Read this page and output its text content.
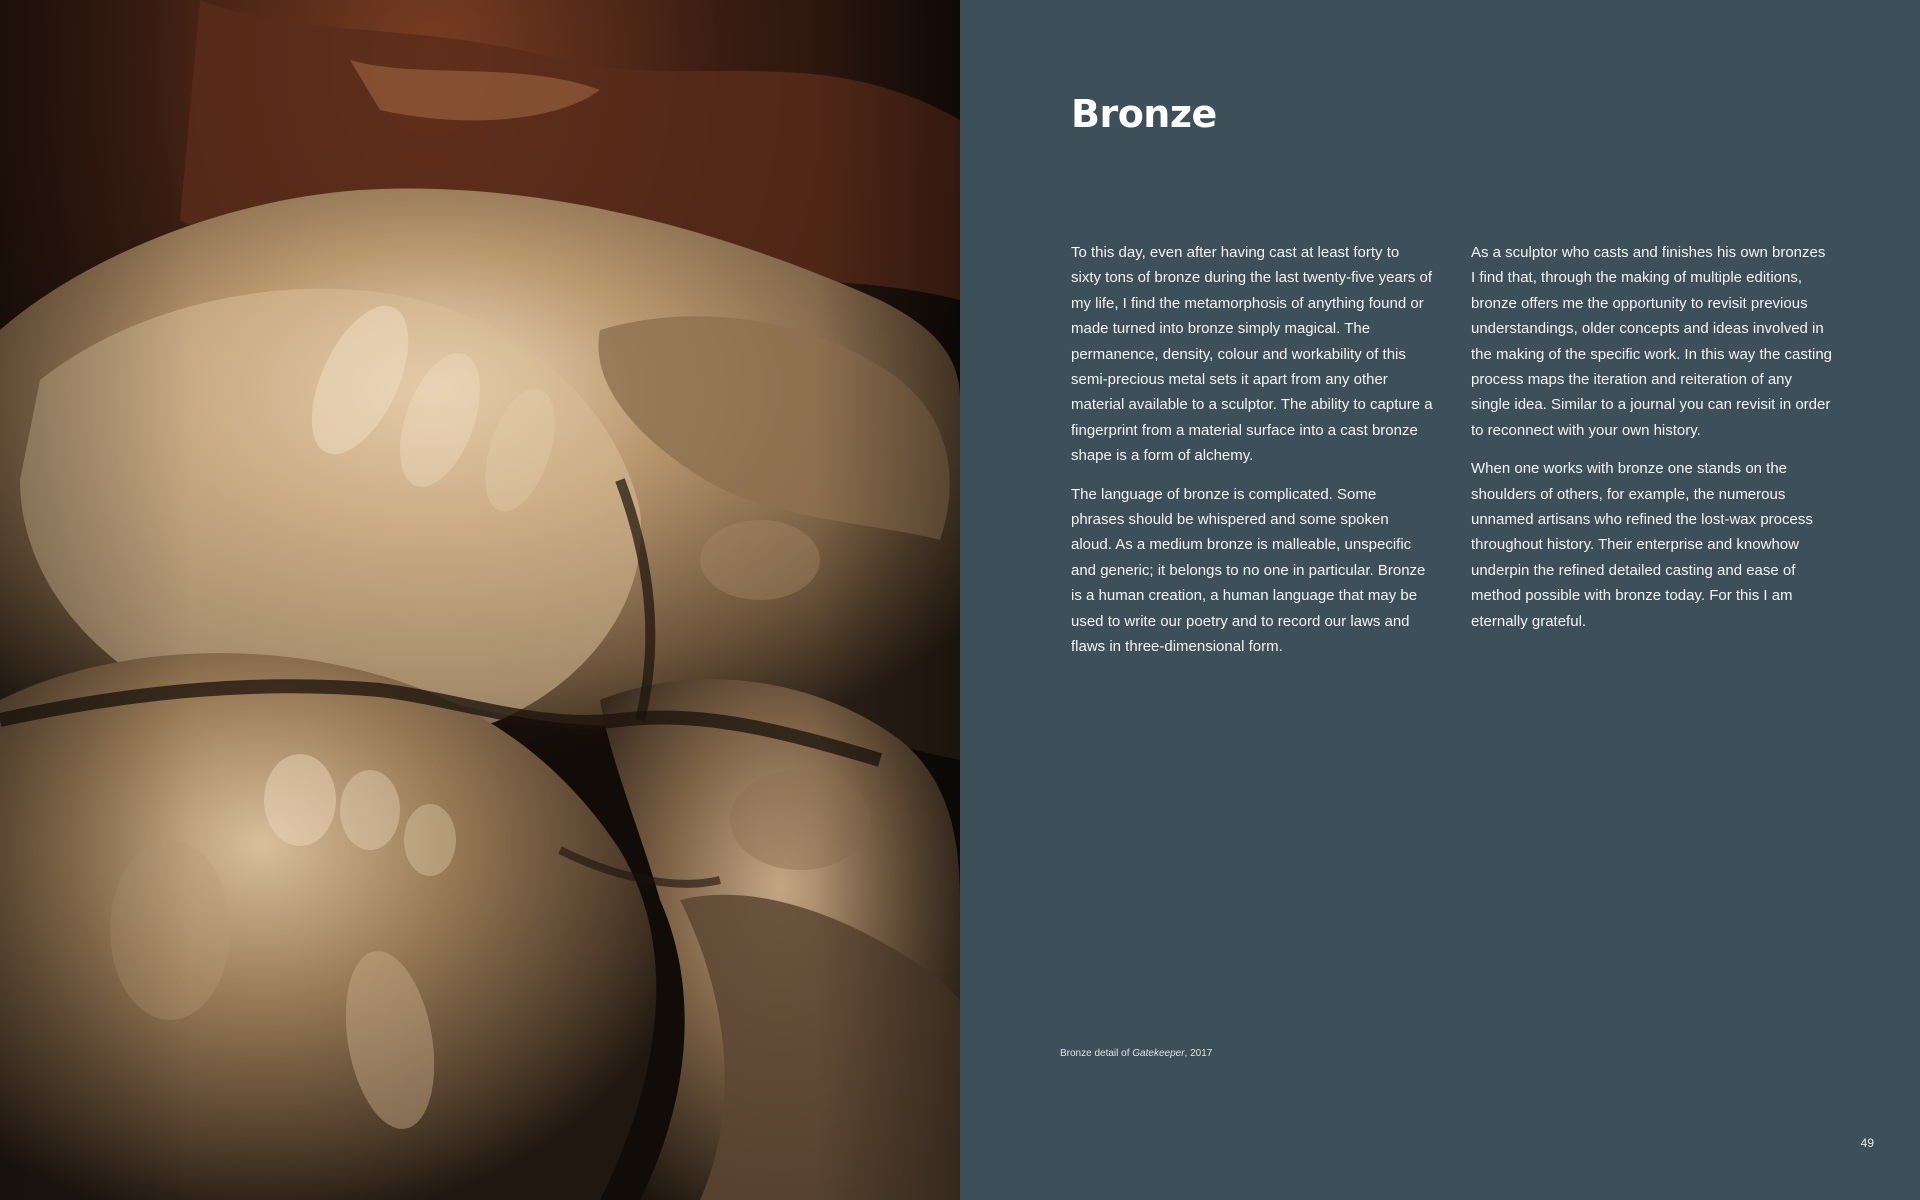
Bronze

To this day, even after having cast at least forty to sixty tons of bronze during the last twenty-five years of my life, I find the metamorphosis of anything found or made turned into bronze simply magical. The permanence, density, colour and workability of this semi-precious metal sets it apart from any other material available to a sculptor. The ability to capture a fingerprint from a material surface into a cast bronze shape is a form of alchemy.

The language of bronze is complicated. Some phrases should be whispered and some spoken aloud. As a medium bronze is malleable, unspecific and generic; it belongs to no one in particular. Bronze is a human creation, a human language that may be used to write our poetry and to record our laws and flaws in three-dimensional form.

As a sculptor who casts and finishes his own bronzes I find that, through the making of multiple editions, bronze offers me the opportunity to revisit previous understandings, older concepts and ideas involved in the making of the specific work. In this way the casting process maps the iteration and reiteration of any single idea. Similar to a journal you can revisit in order to reconnect with your own history.

When one works with bronze one stands on the shoulders of others, for example, the numerous unnamed artisans who refined the lost-wax process throughout history. Their enterprise and knowhow underpin the refined detailed casting and ease of method possible with bronze today. For this I am eternally grateful.

Bronze detail of Gatekeeper, 2017
49
